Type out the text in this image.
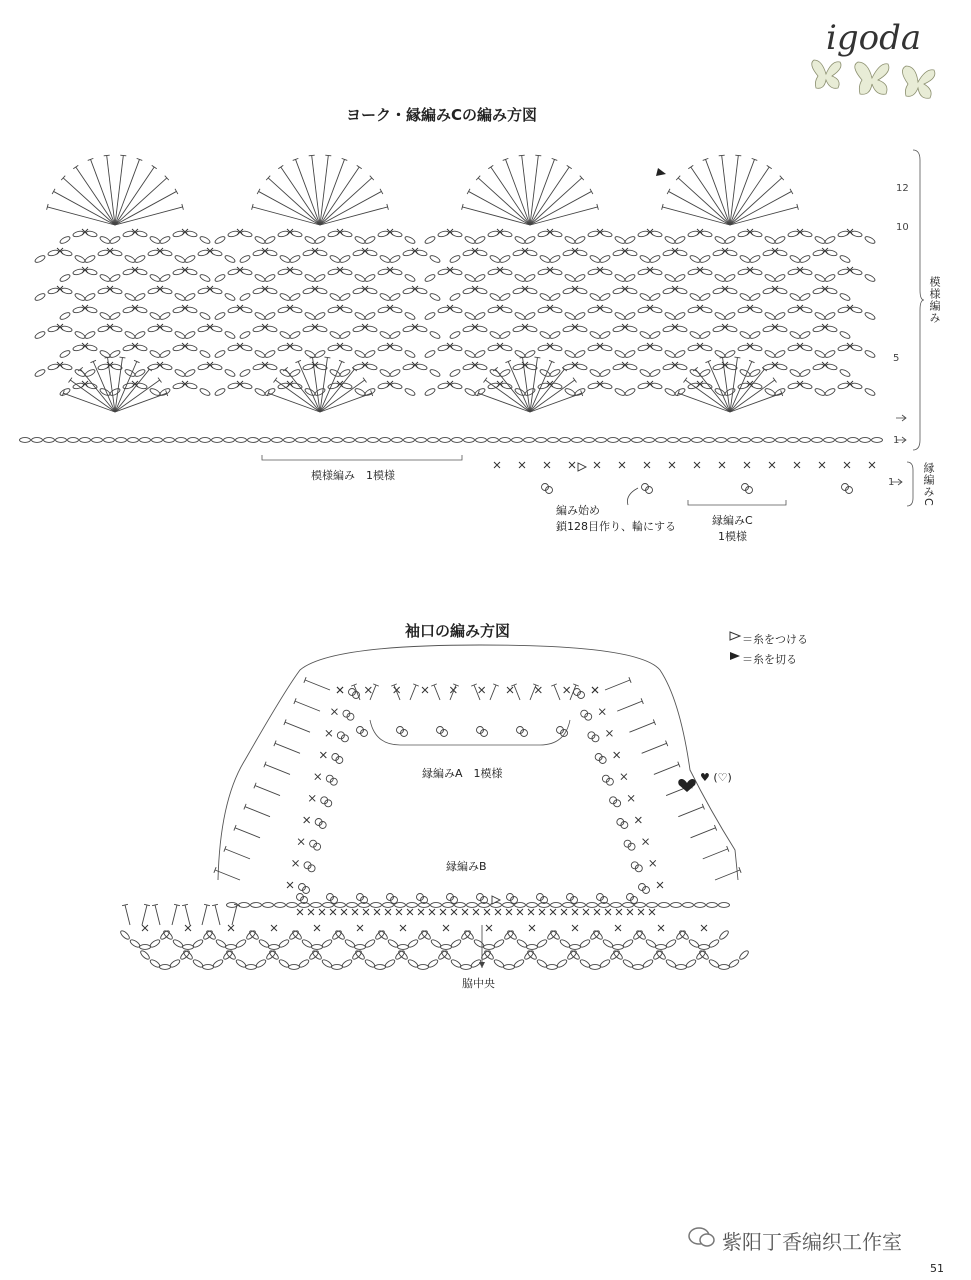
igoda
ヨーク・縁編みCの編み方図
12
10
5
1
1
模様編み
縁編みC
模様編み　1模様
編み始め
鎖128目作り、輪にする	縁編みC
1模様
袖口の編み方図	＝糸をつける
＝糸を切る
縁編みA　1模様	♥ (♡)
縁編みB
脇中央
紫阳丁香编织工作室
51
